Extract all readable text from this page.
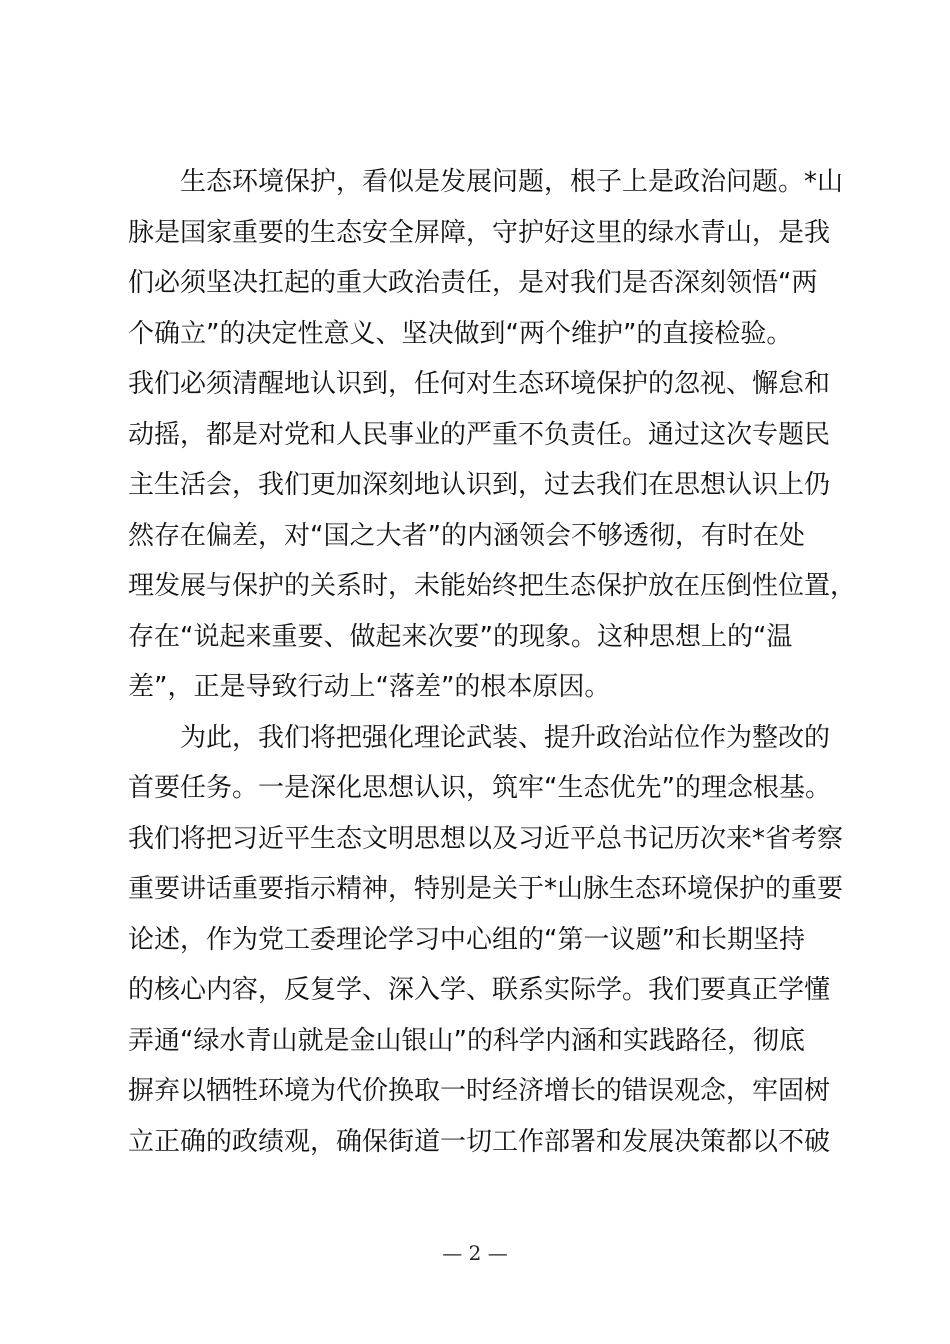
生态环境保护，看似是发展问题，根子上是政治问题。*山
脉是国家重要的生态安全屏障，守护好这里的绿水青山，是我
们必须坚决扛起的重大政治责任，是对我们是否深刻领悟“两
个确立”的决定性意义、坚决做到“两个维护”的直接检验。
我们必须清醒地认识到，任何对生态环境保护的忽视、懈怠和
动摇，都是对党和人民事业的严重不负责任。通过这次专题民
主生活会，我们更加深刻地认识到，过去我们在思想认识上仍
然存在偏差，对“国之大者”的内涵领会不够透彻，有时在处
理发展与保护的关系时，未能始终把生态保护放在压倒性位置，
存在“说起来重要、做起来次要”的现象。这种思想上的“温
差”，正是导致行动上“落差”的根本原因。

为此，我们将把强化理论武装、提升政治站位作为整改的
首要任务。一是深化思想认识，筑牢“生态优先”的理念根基。
我们将把习近平生态文明思想以及习近平总书记历次来*省考察
重要讲话重要指示精神，特别是关于*山脉生态环境保护的重要
论述，作为党工委理论学习中心组的“第一议题”和长期坚持
的核心内容，反复学、深入学、联系实际学。我们要真正学懂
弄通“绿水青山就是金山银山”的科学内涵和实践路径，彻底
摒弃以牺牲环境为代价换取一时经济增长的错误观念，牢固树
立正确的政绩观，确保街道一切工作部署和发展决策都以不破

— 2 —
